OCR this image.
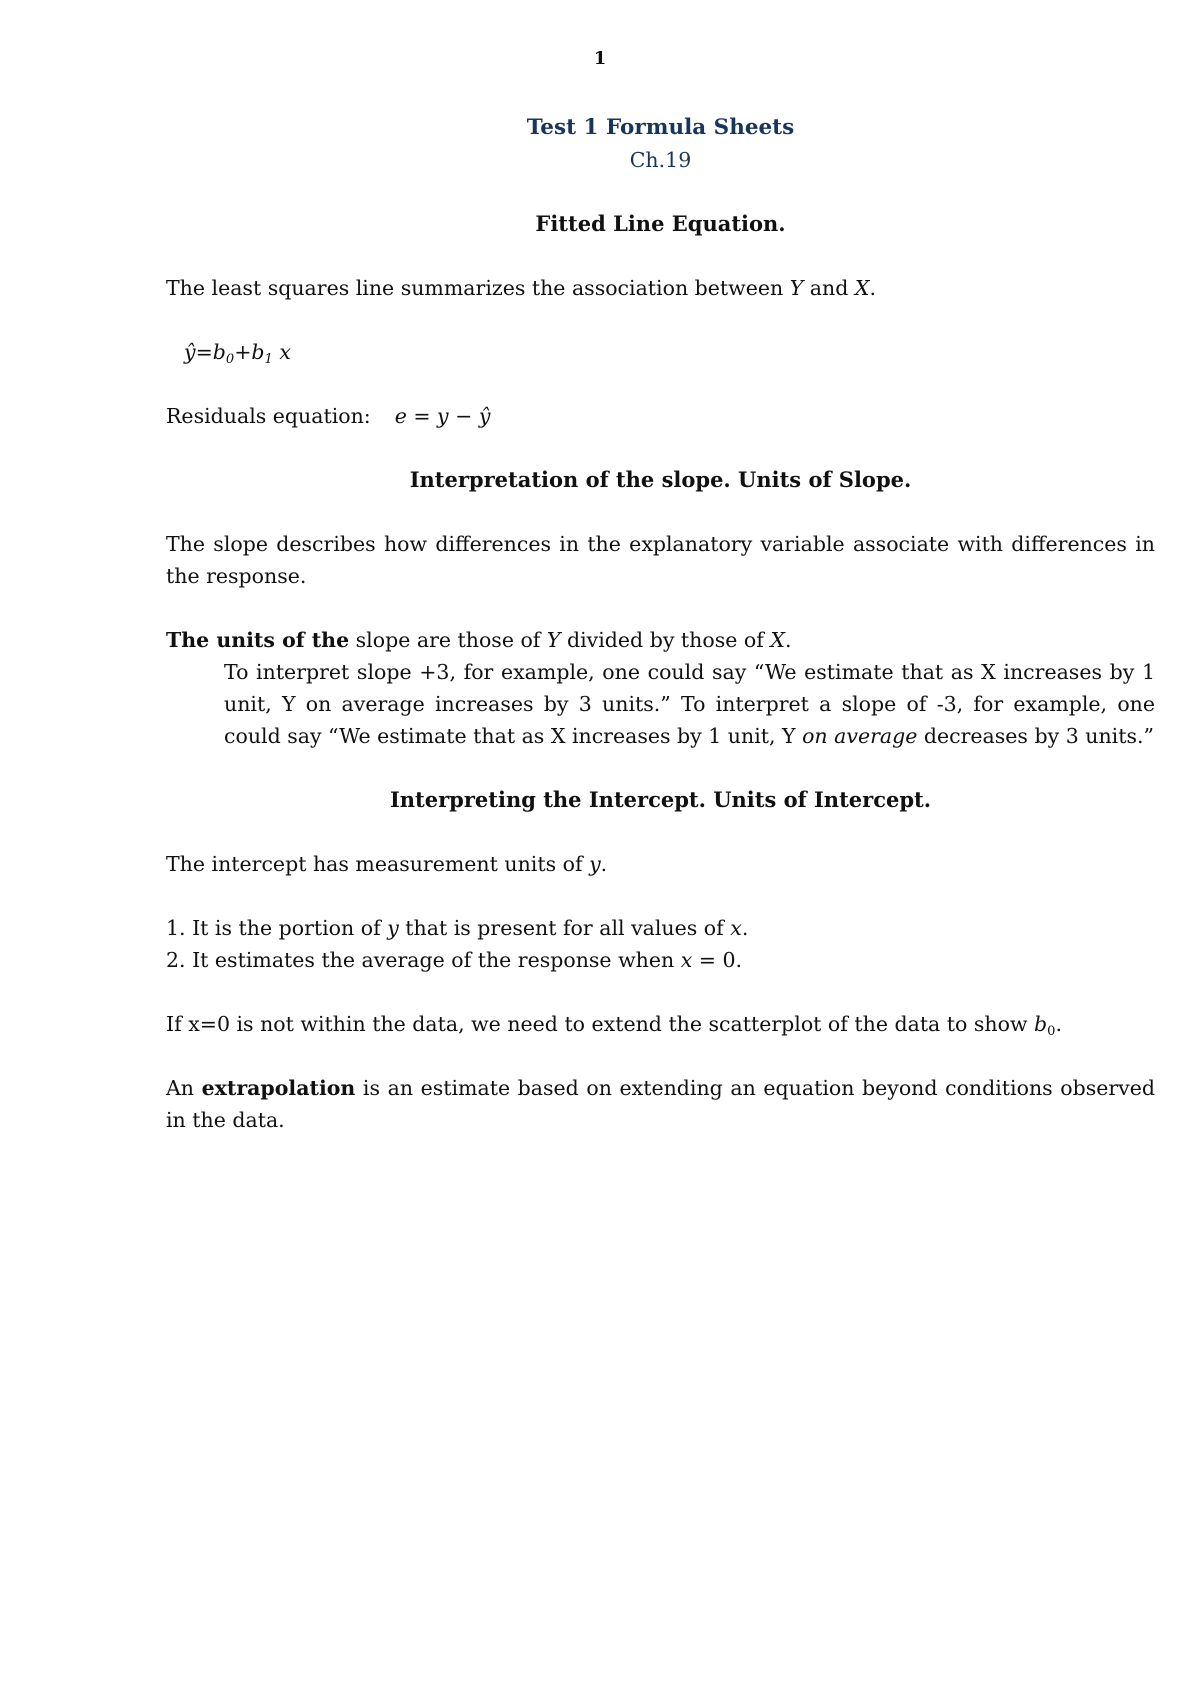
1
Test 1 Formula Sheets
Ch.19
Fitted Line Equation.
The least squares line summarizes the association between Y and X.
$ŷ=b_0+b_1$ x
Residuals equation: e = y − ŷ
Interpretation of the slope. Units of Slope.
The slope describes how differences in the explanatory variable associate with differences in the response.
The units of the slope are those of Y divided by those of X.
To interpret slope +3, for example, one could say “We estimate that as X increases by 1 unit, Y on average increases by 3 units.” To interpret a slope of -3, for example, one could say “We estimate that as X increases by 1 unit, Y on average decreases by 3 units.”
Interpreting the Intercept. Units of Intercept.
The intercept has measurement units of y.
1. It is the portion of y that is present for all values of x.
2. It estimates the average of the response when x = 0.
If x=0 is not within the data, we need to extend the scatterplot of the data to show $b_0$.
An extrapolation is an estimate based on extending an equation beyond conditions observed in the data.
